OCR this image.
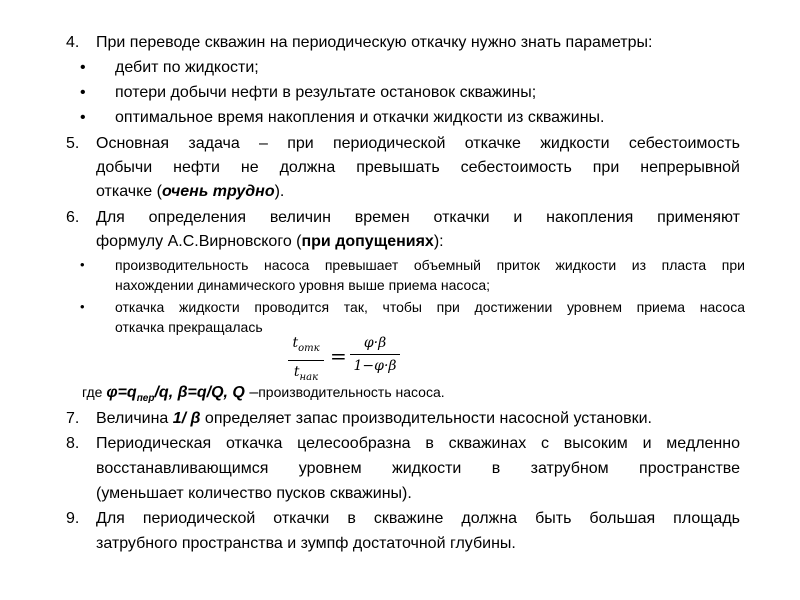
4. При переводе скважин на периодическую откачку нужно знать параметры:
• дебит по жидкости;
• потери добычи нефти в результате остановок скважины;
• оптимальное время накопления и откачки жидкости из скважины.
5. Основная задача – при периодической откачке жидкости себестоимость
добычи нефти не должна превышать себестоимость при непрерывной
откачке (очень трудно).
6. Для определения величин времен откачки и накопления применяют
формулу А.С.Вирновского (при допущениях):
• производительность насоса превышает объемный приток жидкости из пласта при
нахождении динамического уровня выше приема насоса;
• откачка жидкости проводится так, чтобы при достижении уровнем приема насоса
откачка прекращалась
$t_{отк}$
$t_{нак}$
=
φ·β
1−φ·β
где $\varphi=q_{пер}/q$, β=q/Q, Q –производительность насоса.
7. Величина 1/ β определяет запас производительности насосной установки.
8. Периодическая откачка целесообразна в скважинах с высоким и медленно
восстанавливающимся уровнем жидкости в затрубном пространстве
(уменьшает количество пусков скважины).
9. Для периодической откачки в скважине должна быть большая площадь
затрубного пространства и зумпф достаточной глубины.
